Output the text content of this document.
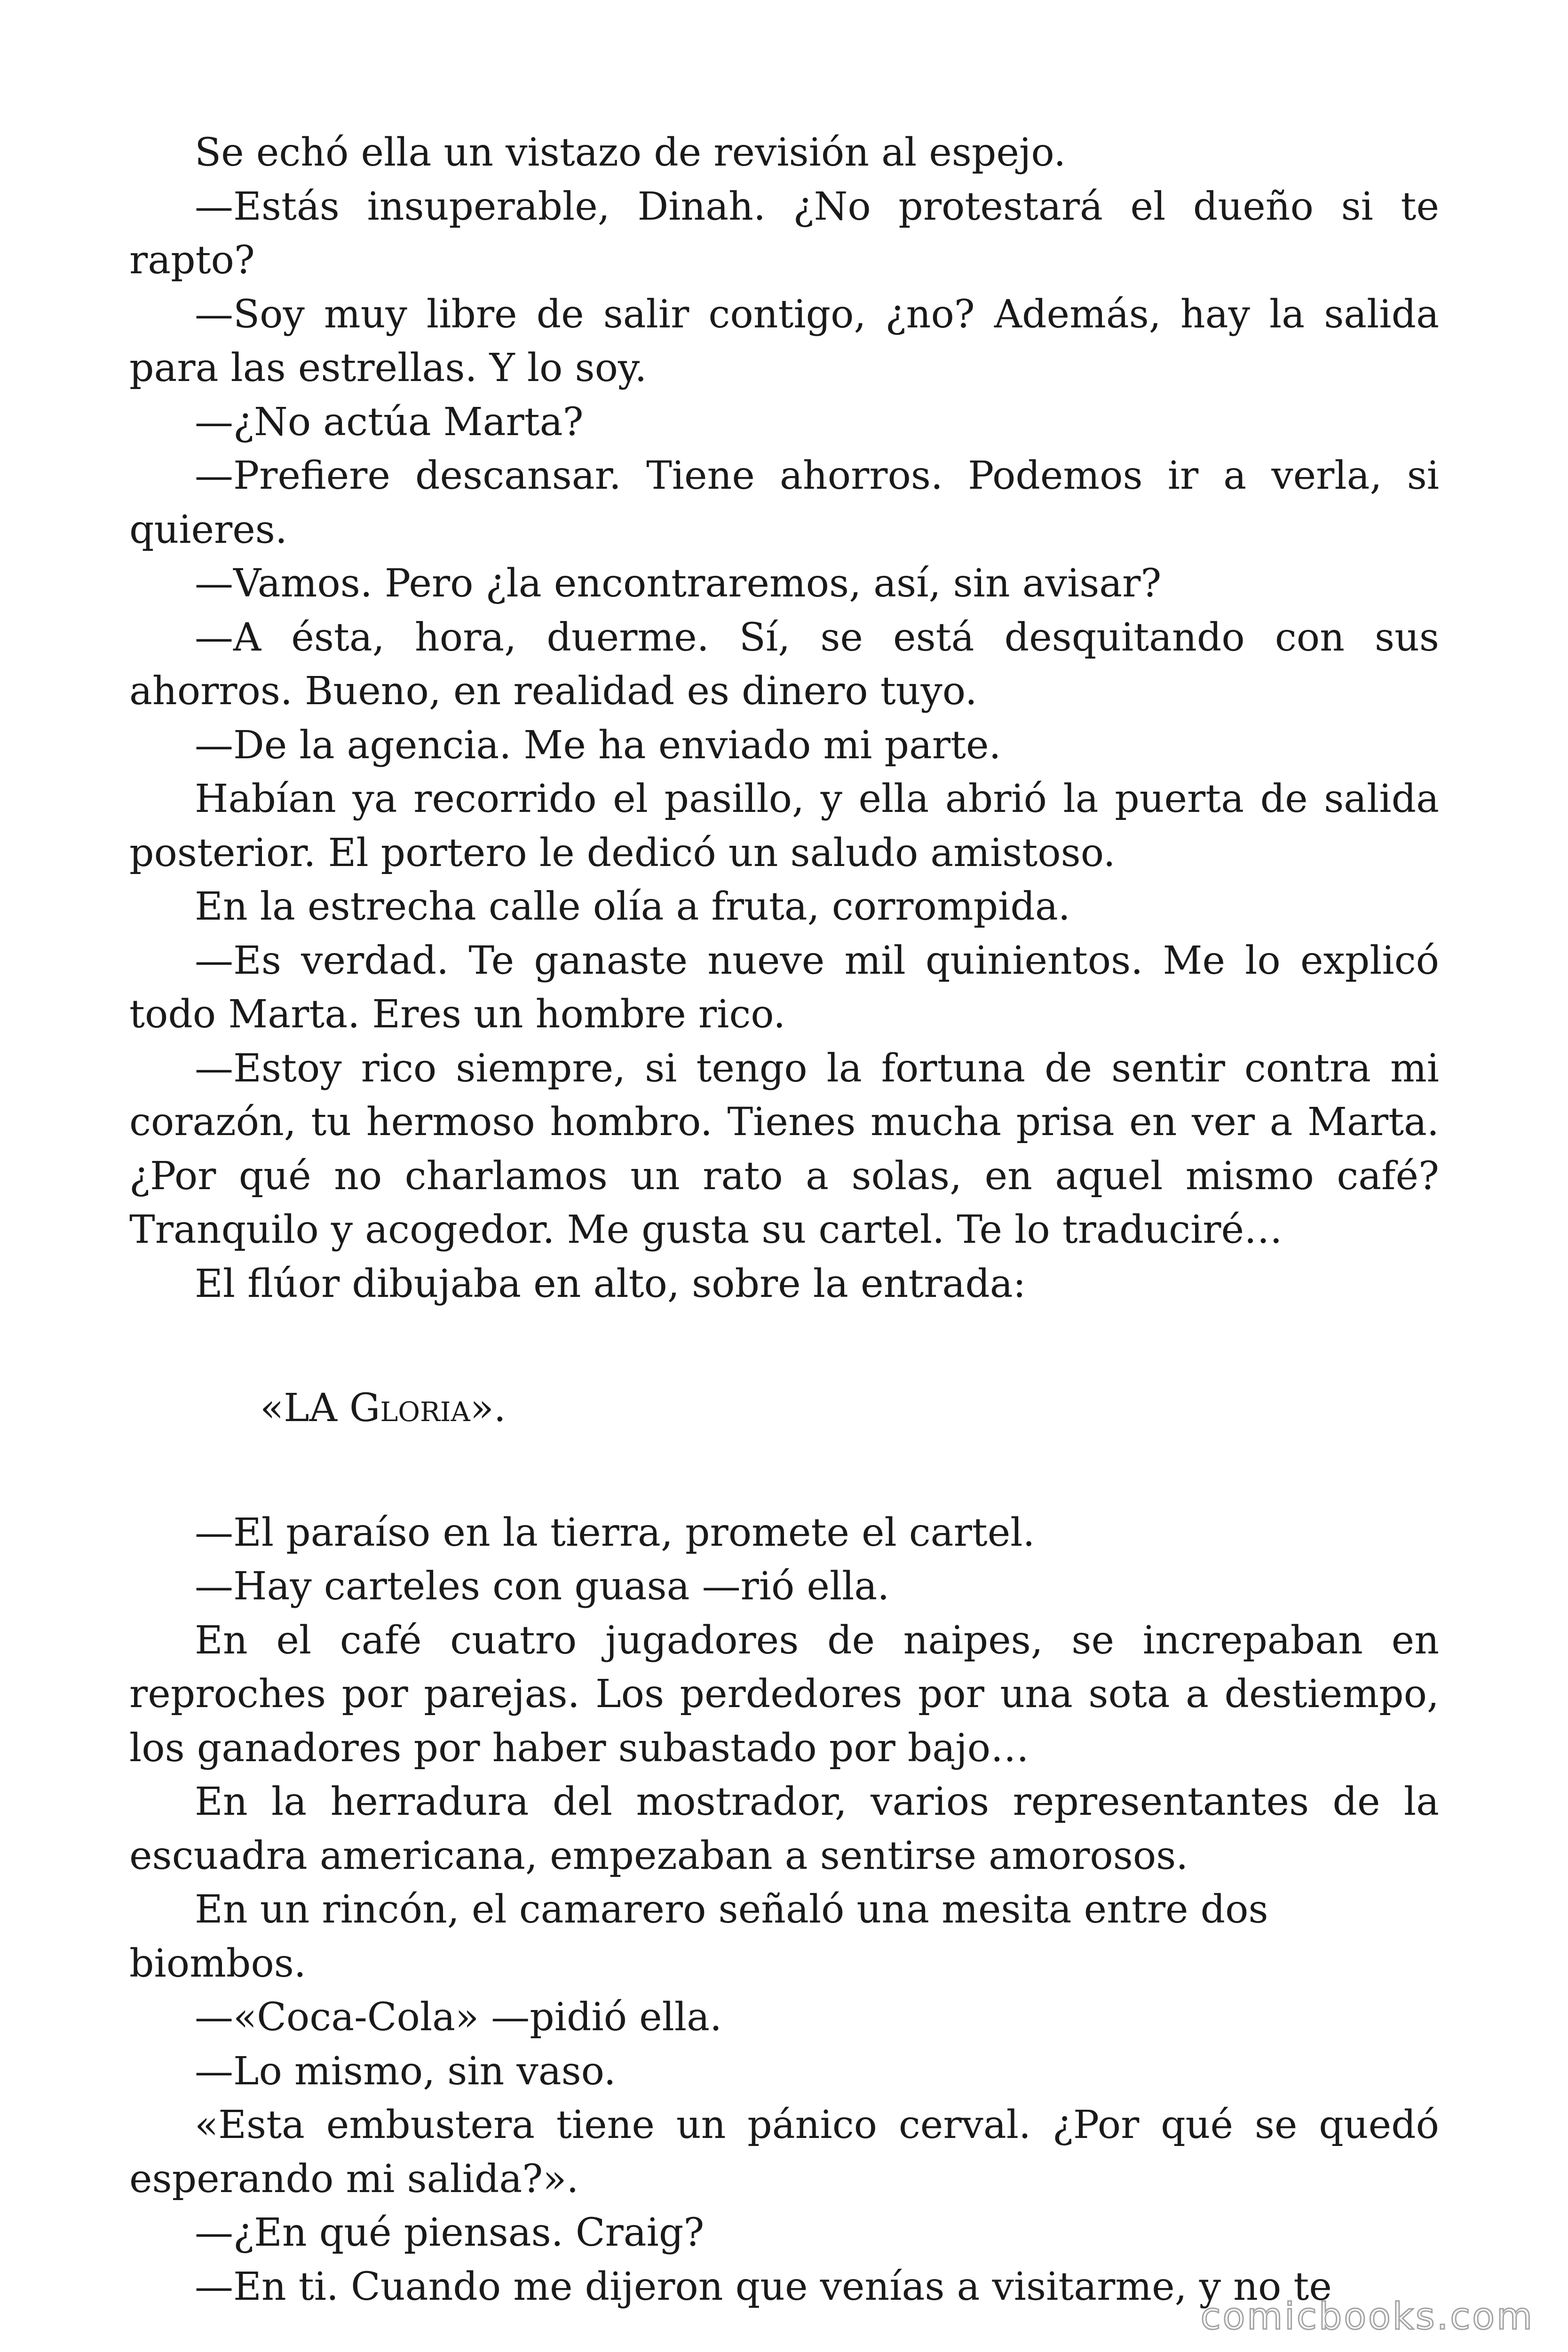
Se echó ella un vistazo de revisión al espejo.

—Estás insuperable, Dinah. ¿No protestará el dueño si te rapto?

—Soy muy libre de salir contigo, ¿no? Además, hay la salida para las estrellas. Y lo soy.

—¿No actúa Marta?

—Prefiere descansar. Tiene ahorros. Podemos ir a verla, si quieres.

—Vamos. Pero ¿la encontraremos, así, sin avisar?

—A ésta, hora, duerme. Sí, se está desquitando con sus ahorros. Bueno, en realidad es dinero tuyo.

—De la agencia. Me ha enviado mi parte.

Habían ya recorrido el pasillo, y ella abrió la puerta de salida posterior. El portero le dedicó un saludo amistoso.

En la estrecha calle olía a fruta, corrompida.

—Es verdad. Te ganaste nueve mil quinientos. Me lo explicó todo Marta. Eres un hombre rico.

—Estoy rico siempre, si tengo la fortuna de sentir contra mi corazón, tu hermoso hombro. Tienes mucha prisa en ver a Marta. ¿Por qué no charlamos un rato a solas, en aquel mismo café? Tranquilo y acogedor. Me gusta su cartel. Te lo traduciré…

El flúor dibujaba en alto, sobre la entrada:

«LA Gloria».

—El paraíso en la tierra, promete el cartel.

—Hay carteles con guasa —rió ella.

En el café cuatro jugadores de naipes, se increpaban en reproches por parejas. Los perdedores por una sota a destiempo, los ganadores por haber subastado por bajo…

En la herradura del mostrador, varios representantes de la escuadra americana, empezaban a sentirse amorosos.

En un rincón, el camarero señaló una mesita entre dos biombos.

—«Coca-Cola» —pidió ella.

—Lo mismo, sin vaso.

«Esta embustera tiene un pánico cerval. ¿Por qué se quedó esperando mi salida?».

—¿En qué piensas. Craig?

—En ti. Cuando me dijeron que venías a visitarme, y no te

comicbooks.com
